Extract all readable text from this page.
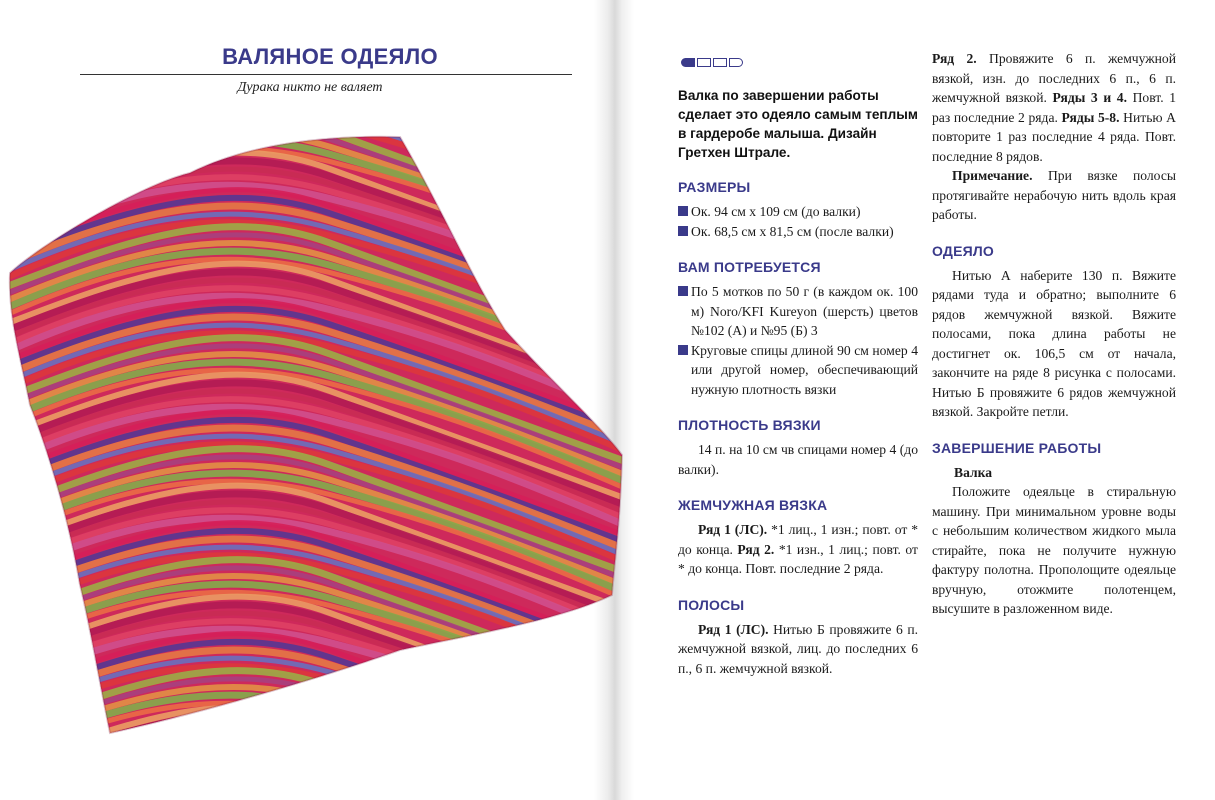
ВАЛЯНОЕ ОДЕЯЛО
Дурака никто не валяет
Валка по завершении работы сделает это одеяло самым теплым в гардеробе малыша. Дизайн Гретхен Штрале.
РАЗМЕРЫ
Ок. 94 см x 109 см (до валки)
Ок. 68,5 см x 81,5 см (после валки)
ВАМ ПОТРЕБУЕТСЯ
По 5 мотков по 50 г (в каждом ок. 100 м) Noro/KFI Kureyon (шерсть) цветов №102 (А) и №95 (Б) 3
Круговые спицы длиной 90 см номер 4 или другой номер, обеспечивающий нужную плотность вязки
ПЛОТНОСТЬ ВЯЗКИ
14 п. на 10 см чв спицами номер 4 (до валки).
ЖЕМЧУЖНАЯ ВЯЗКА
Ряд 1 (ЛС). *1 лиц., 1 изн.; повт. от * до конца. Ряд 2. *1 изн., 1 лиц.; повт. от * до конца. Повт. последние 2 ряда.
ПОЛОСЫ
Ряд 1 (ЛС). Нитью Б провяжите 6 п. жемчужной вязкой, лиц. до последних 6 п., 6 п. жемчужной вязкой.
Ряд 2. Провяжите 6 п. жемчужной вязкой, изн. до последних 6 п., 6 п. жемчужной вязкой. Ряды 3 и 4. Повт. 1 раз последние 2 ряда. Ряды 5-8. Нитью А повторите 1 раз последние 4 ряда. Повт. последние 8 рядов.
Примечание. При вязке полосы протягивайте нерабочую нить вдоль края работы.
ОДЕЯЛО
Нитью А наберите 130 п. Вяжите рядами туда и обратно; выполните 6 рядов жемчужной вязкой. Вяжите полосами, пока длина работы не достигнет ок. 106,5 см от начала, закончите на ряде 8 рисунка с полосами. Нитью Б провяжите 6 рядов жемчужной вязкой. Закройте петли.
ЗАВЕРШЕНИЕ РАБОТЫ
Валка
Положите одеяльце в стиральную машину. При минимальном уровне воды с небольшим количеством жидкого мыла стирайте, пока не получите нужную фактуру полотна. Прополощите одеяльце вручную, отожмите полотенцем, высушите в разложенном виде.
